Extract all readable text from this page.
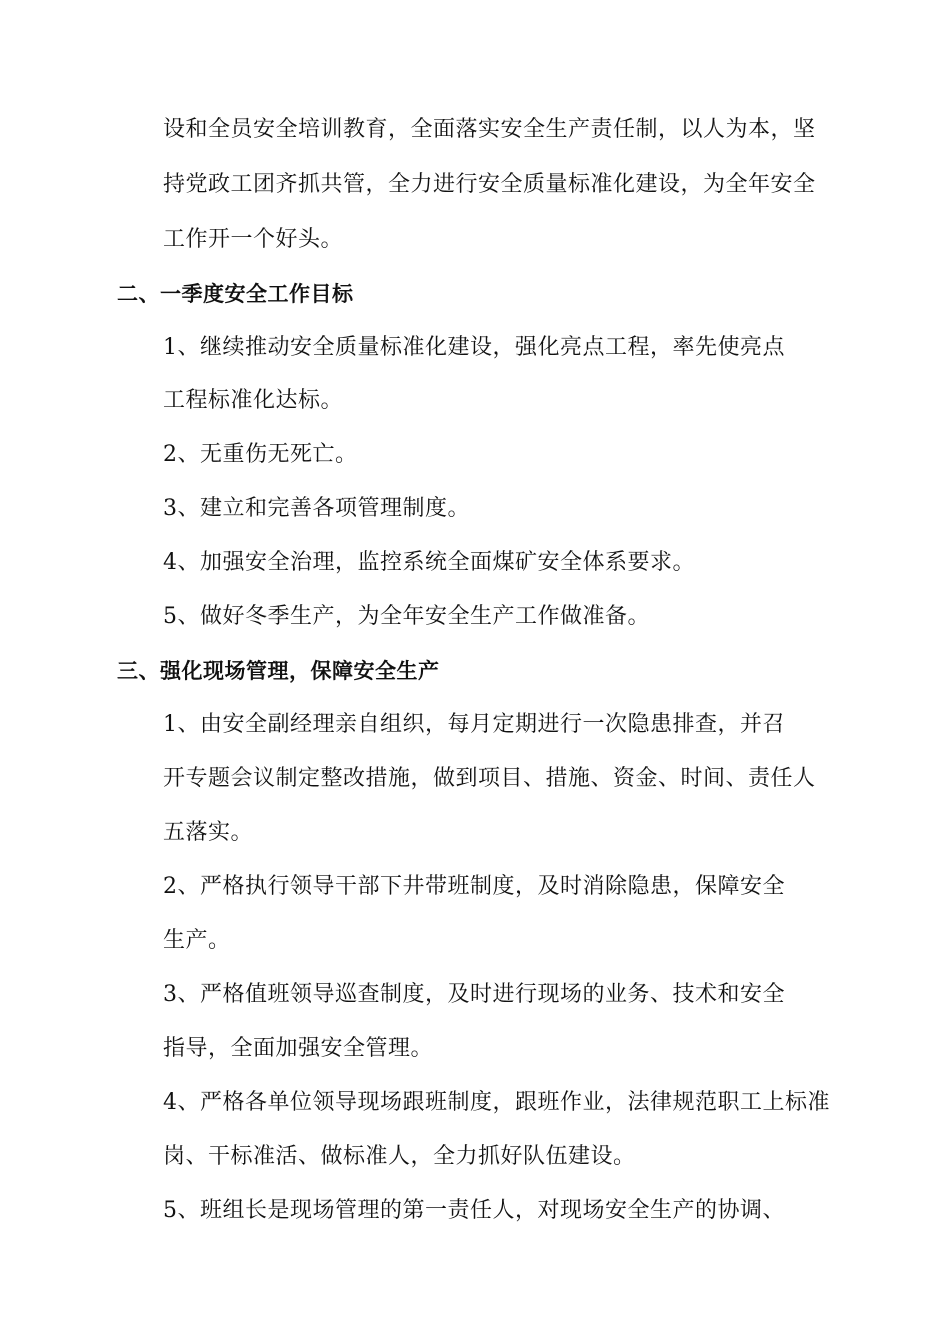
设和全员安全培训教育，全面落实安全生产责任制，以人为本，坚
持党政工团齐抓共管，全力进行安全质量标准化建设，为全年安全
工作开一个好头。
二、一季度安全工作目标
1、继续推动安全质量标准化建设，强化亮点工程，率先使亮点
工程标准化达标。
2、无重伤无死亡。
3、建立和完善各项管理制度。
4、加强安全治理，监控系统全面煤矿安全体系要求。
5、做好冬季生产，为全年安全生产工作做准备。
三、强化现场管理，保障安全生产
1、由安全副经理亲自组织，每月定期进行一次隐患排查，并召
开专题会议制定整改措施，做到项目、措施、资金、时间、责任人
五落实。
2、严格执行领导干部下井带班制度，及时消除隐患，保障安全
生产。
3、严格值班领导巡查制度，及时进行现场的业务、技术和安全
指导，全面加强安全管理。
4、严格各单位领导现场跟班制度，跟班作业，法律规范职工上标准
岗、干标准活、做标准人，全力抓好队伍建设。
5、班组长是现场管理的第一责任人，对现场安全生产的协调、
